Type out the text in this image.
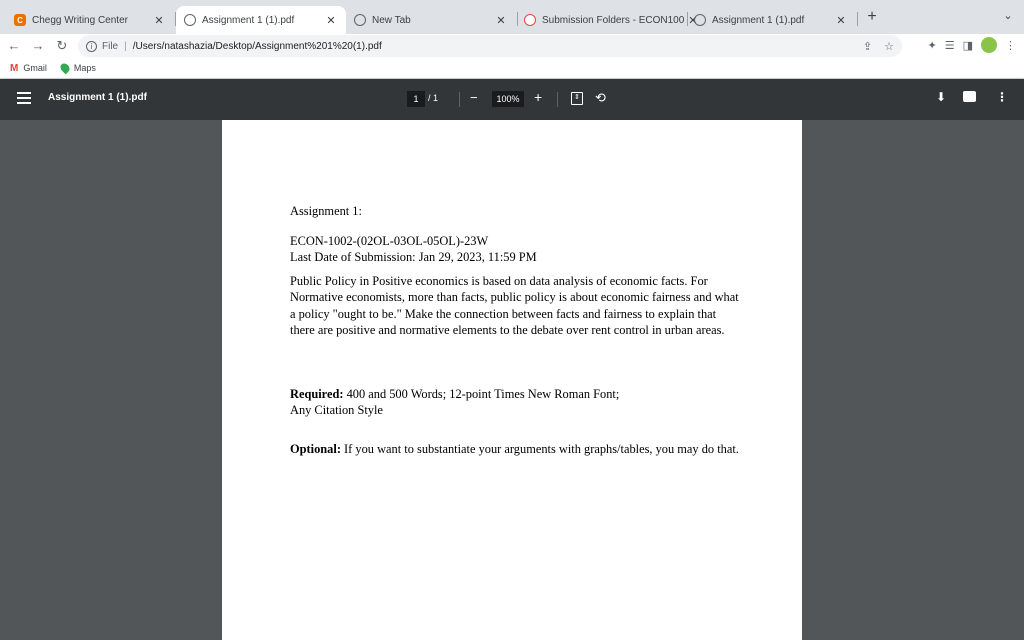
C Chegg Writing Center	✕	Assignment 1 (1).pdf	✕	New Tab	✕	Submission Folders - ECON100 ✕ Assignment 1 (1).pdf	✕ +	⌄
← → ↻	i File | /Users/natashazia/Desktop/Assignment%201%20(1).pdf	⇪ ☆	✦ ☰ ◨	⋮
M Gmail	Maps
Assignment 1 (1).pdf	1	/ 1 −	100%	+	⇕ ⟲	⬇	⋮

Assignment 1:

ECON-1002-(02OL-03OL-05OL)-23W
Last Date of Submission: Jan 29, 2023, 11:59 PM

Public Policy in Positive economics is based on data analysis of economic facts. For Normative economists, more than facts, public policy is about economic fairness and what a policy "ought to be." Make the connection between facts and fairness to explain that there are positive and normative elements to the debate over rent control in urban areas.

Required: 400 and 500 Words; 12-point Times New Roman Font;
Any Citation Style

Optional: If you want to substantiate your arguments with graphs/tables, you may do that.
